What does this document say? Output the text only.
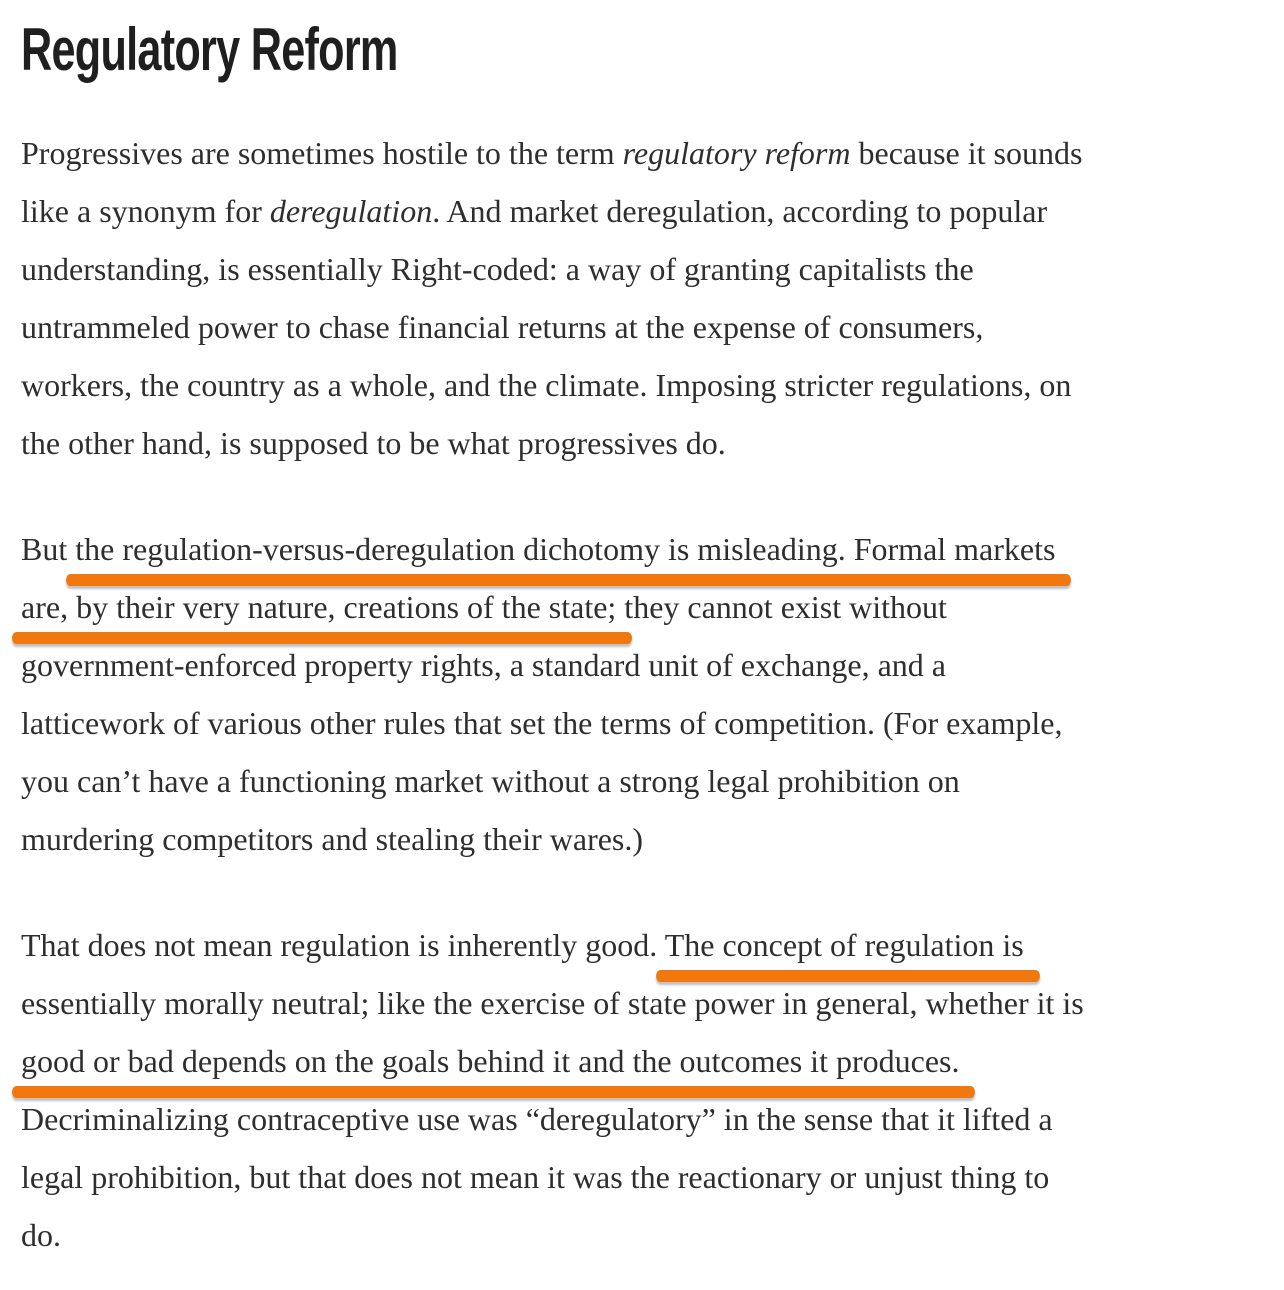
Regulatory Reform
Progressives are sometimes hostile to the term regulatory reform because it sounds
like a synonym for deregulation. And market deregulation, according to popular
understanding, is essentially Right-coded: a way of granting capitalists the
untrammeled power to chase financial returns at the expense of consumers,
workers, the country as a whole, and the climate. Imposing stricter regulations, on
the other hand, is supposed to be what progressives do.
But the regulation-versus-deregulation dichotomy is misleading. Formal markets
are, by their very nature, creations of the state; they cannot exist without
government-enforced property rights, a standard unit of exchange, and a
latticework of various other rules that set the terms of competition. (For example,
you can’t have a functioning market without a strong legal prohibition on
murdering competitors and stealing their wares.)
That does not mean regulation is inherently good. The concept of regulation is
essentially morally neutral; like the exercise of state power in general, whether it is
good or bad depends on the goals behind it and the outcomes it produces.
Decriminalizing contraceptive use was “deregulatory” in the sense that it lifted a
legal prohibition, but that does not mean it was the reactionary or unjust thing to
do.
